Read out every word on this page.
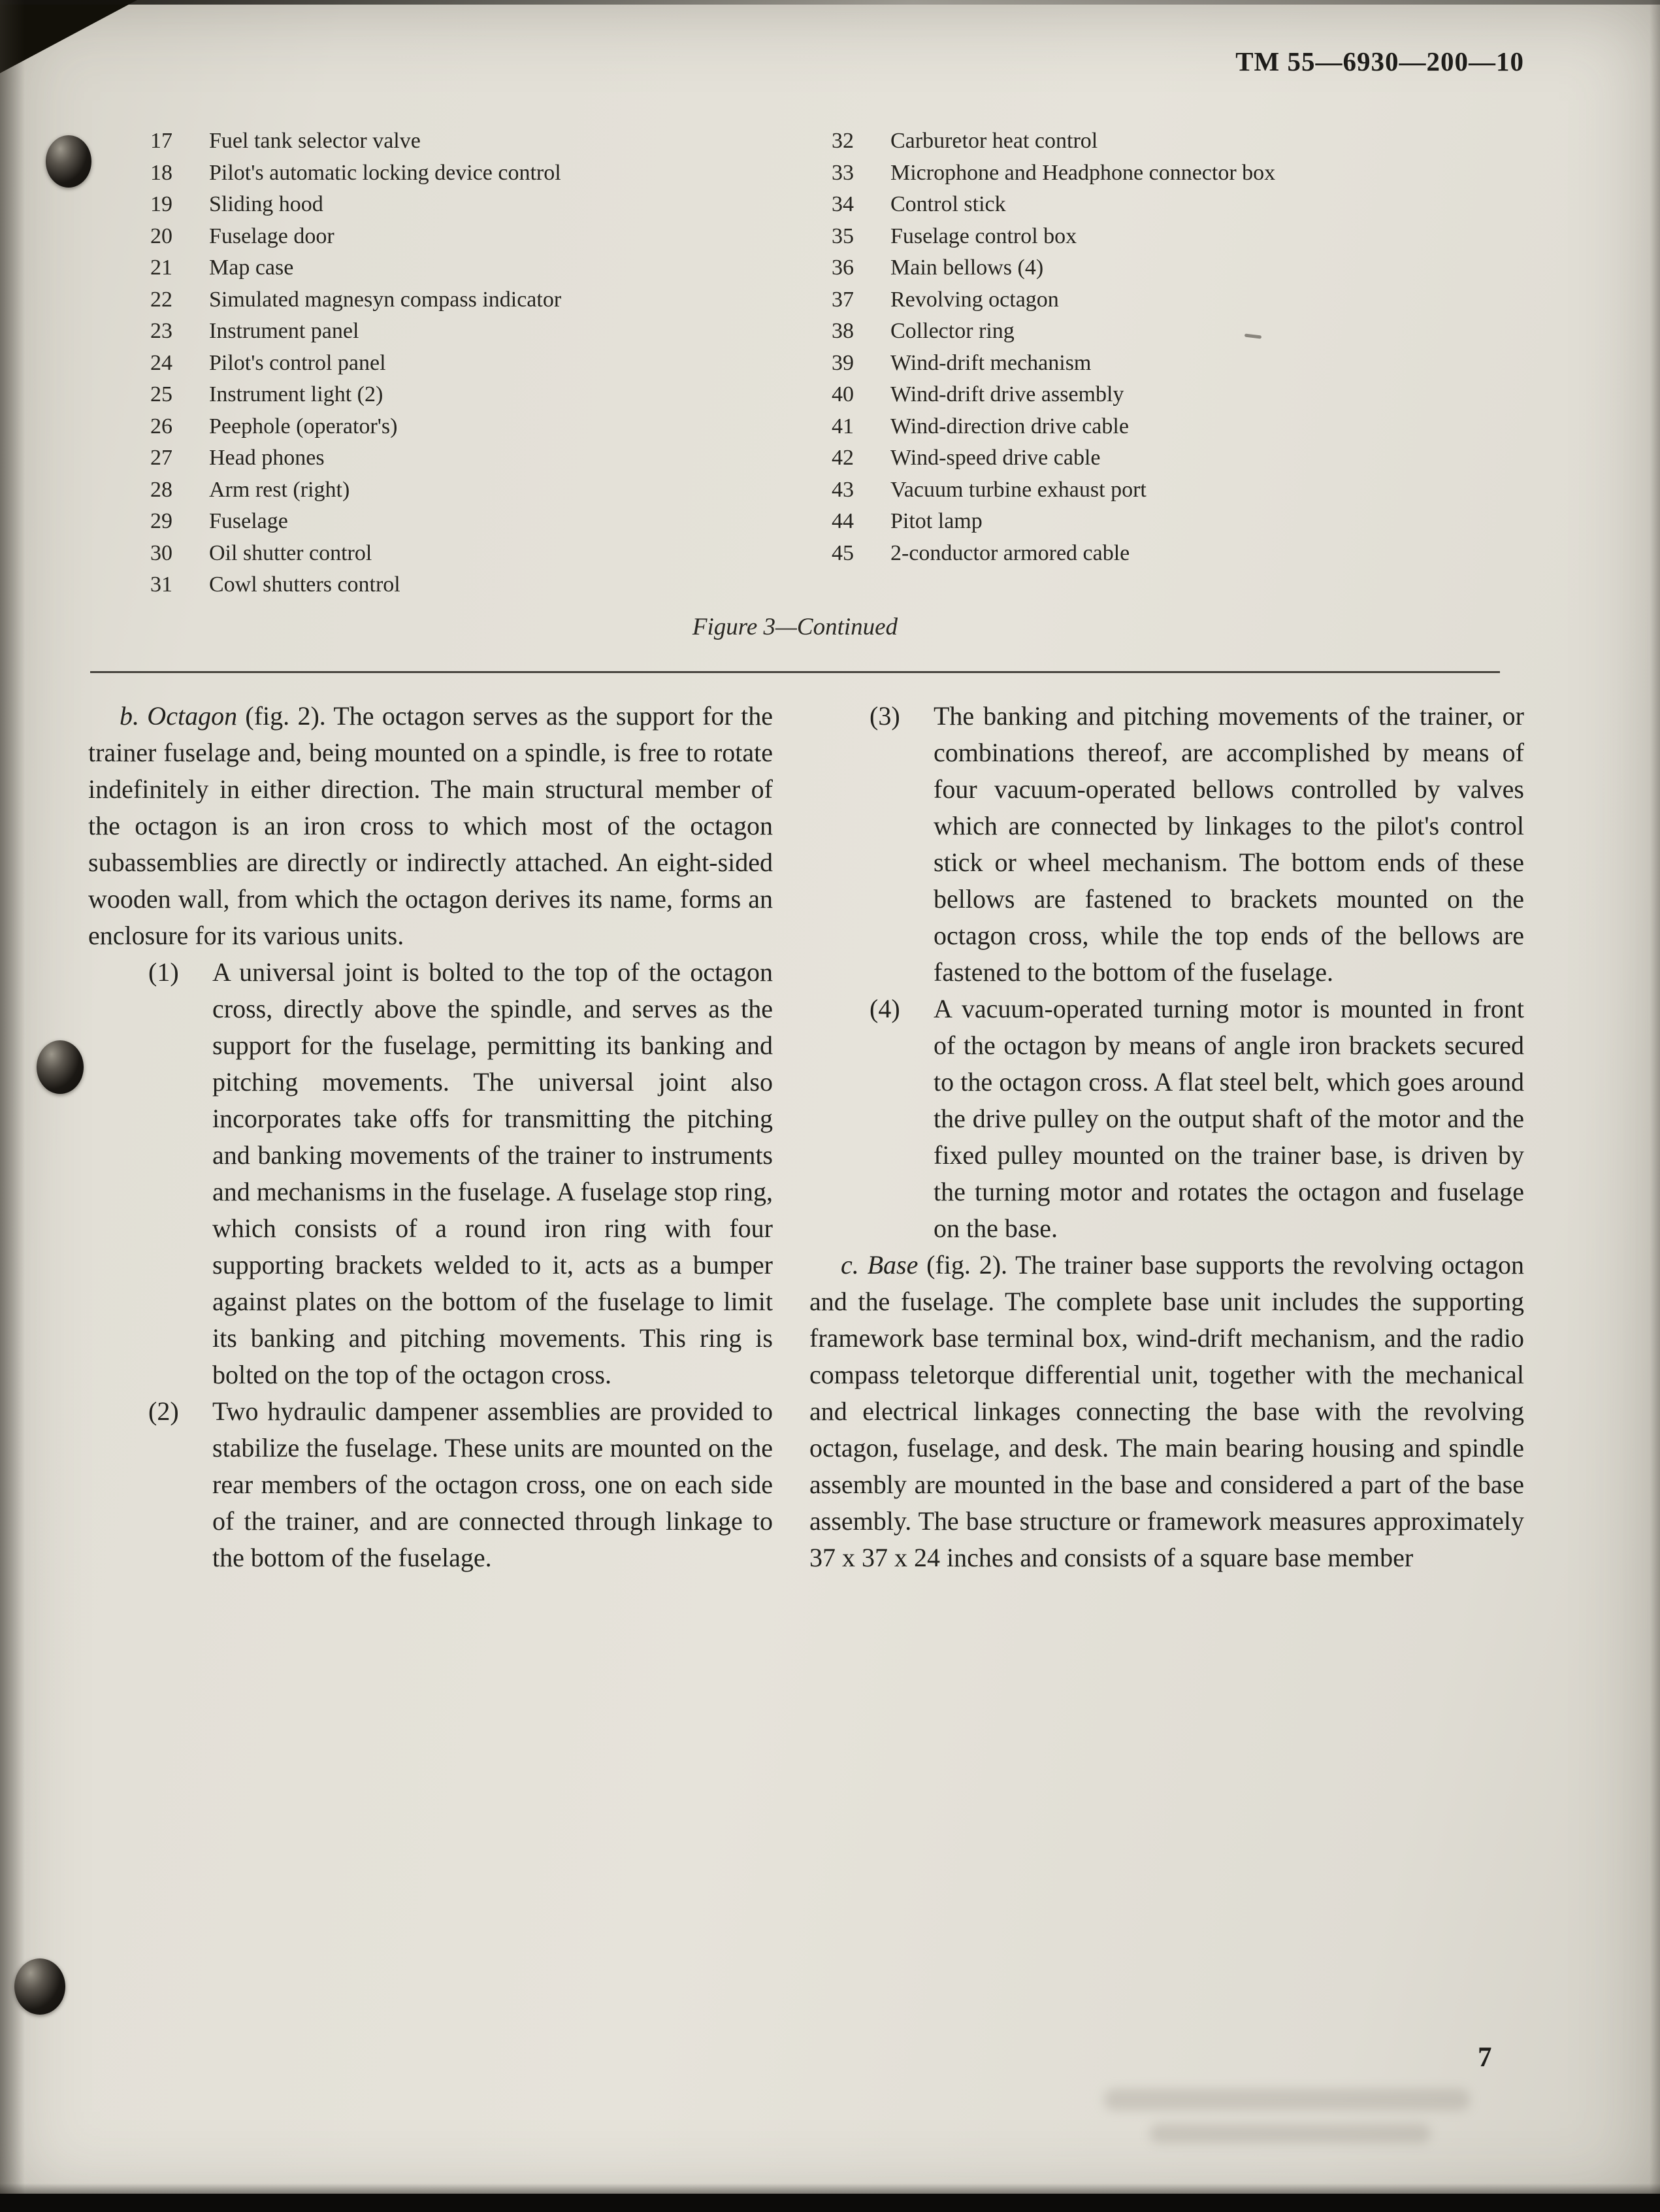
TM 55—6930—200—10
17	Fuel tank selector valve
18	Pilot's automatic locking device control
19	Sliding hood
20	Fuselage door
21	Map case
22	Simulated magnesyn compass indicator
23	Instrument panel
24	Pilot's control panel
25	Instrument light (2)
26	Peephole (operator's)
27	Head phones
28	Arm rest (right)
29	Fuselage
30	Oil shutter control
31	Cowl shutters control
32	Carburetor heat control
33	Microphone and Headphone connector box
34	Control stick
35	Fuselage control box
36	Main bellows (4)
37	Revolving octagon
38	Collector ring
39	Wind-drift mechanism
40	Wind-drift drive assembly
41	Wind-direction drive cable
42	Wind-speed drive cable
43	Vacuum turbine exhaust port
44	Pitot lamp
45	2-conductor armored cable
Figure 3—Continued

b. Octagon (fig. 2). The octagon serves as the support for the trainer fuselage and, being mounted on a spindle, is free to rotate indefinitely in either direction. The main structural member of the octagon is an iron cross to which most of the octagon subassemblies are directly or indirectly attached. An eight-sided wooden wall, from which the octagon derives its name, forms an enclosure for its various units.

(1) A universal joint is bolted to the top of the octagon cross, directly above the spindle, and serves as the support for the fuselage, permitting its banking and pitching movements. The universal joint also incorporates take offs for transmitting the pitching and banking movements of the trainer to instruments and mechanisms in the fuselage. A fuselage stop ring, which consists of a round iron ring with four supporting brackets welded to it, acts as a bumper against plates on the bottom of the fuselage to limit its banking and pitching movements. This ring is bolted on the top of the octagon cross.

(2) Two hydraulic dampener assemblies are provided to stabilize the fuselage. These units are mounted on the rear members of the octagon cross, one on each side of the trainer, and are connected through linkage to the bottom of the fuselage.

(3) The banking and pitching movements of the trainer, or combinations thereof, are accomplished by means of four vacuum-operated bellows controlled by valves which are connected by linkages to the pilot's control stick or wheel mechanism. The bottom ends of these bellows are fastened to brackets mounted on the octagon cross, while the top ends of the bellows are fastened to the bottom of the fuselage.

(4) A vacuum-operated turning motor is mounted in front of the octagon by means of angle iron brackets secured to the octagon cross. A flat steel belt, which goes around the drive pulley on the output shaft of the motor and the fixed pulley mounted on the trainer base, is driven by the turning motor and rotates the octagon and fuselage on the base.

c. Base (fig. 2). The trainer base supports the revolving octagon and the fuselage. The complete base unit includes the supporting framework base terminal box, wind-drift mechanism, and the radio compass teletorque differential unit, together with the mechanical and electrical linkages connecting the base with the revolving octagon, fuselage, and desk. The main bearing housing and spindle assembly are mounted in the base and considered a part of the base assembly. The base structure or framework measures approximately 37 x 37 x 24 inches and consists of a square base member

7
